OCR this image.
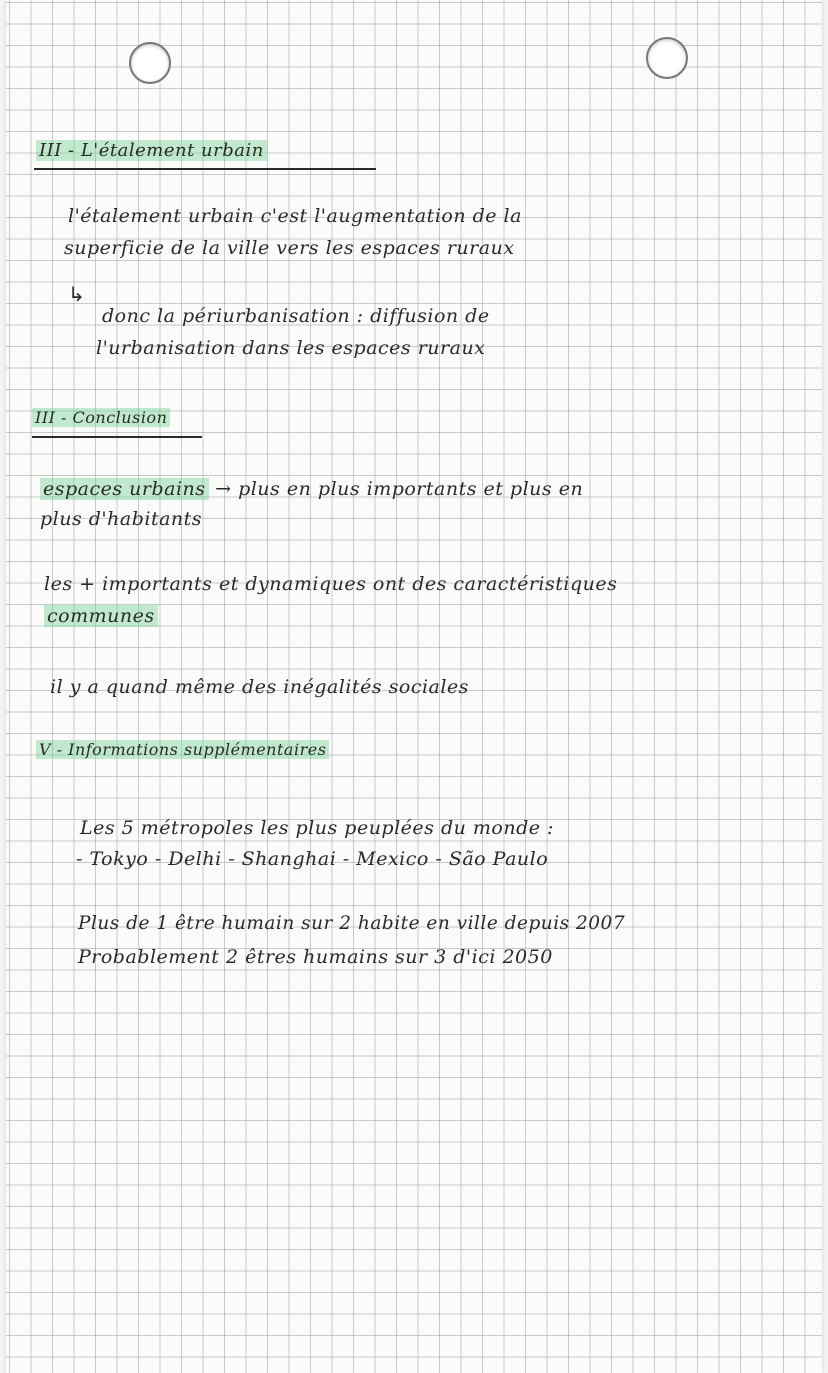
III - L'étalement urbain
l'étalement urbain c'est l'augmentation de la
superficie de la ville vers les espaces ruraux
↳
donc la périurbanisation : diffusion de
l'urbanisation dans les espaces ruraux
III - Conclusion
espaces urbains → plus en plus importants et plus en
plus d'habitants
les + importants et dynamiques ont des caractéristiques
communes
il y a quand même des inégalités sociales
V - Informations supplémentaires
Les 5 métropoles les plus peuplées du monde :
- Tokyo - Delhi - Shanghai - Mexico - São Paulo
Plus de 1 être humain sur 2 habite en ville depuis 2007
Probablement 2 êtres humains sur 3 d'ici 2050
